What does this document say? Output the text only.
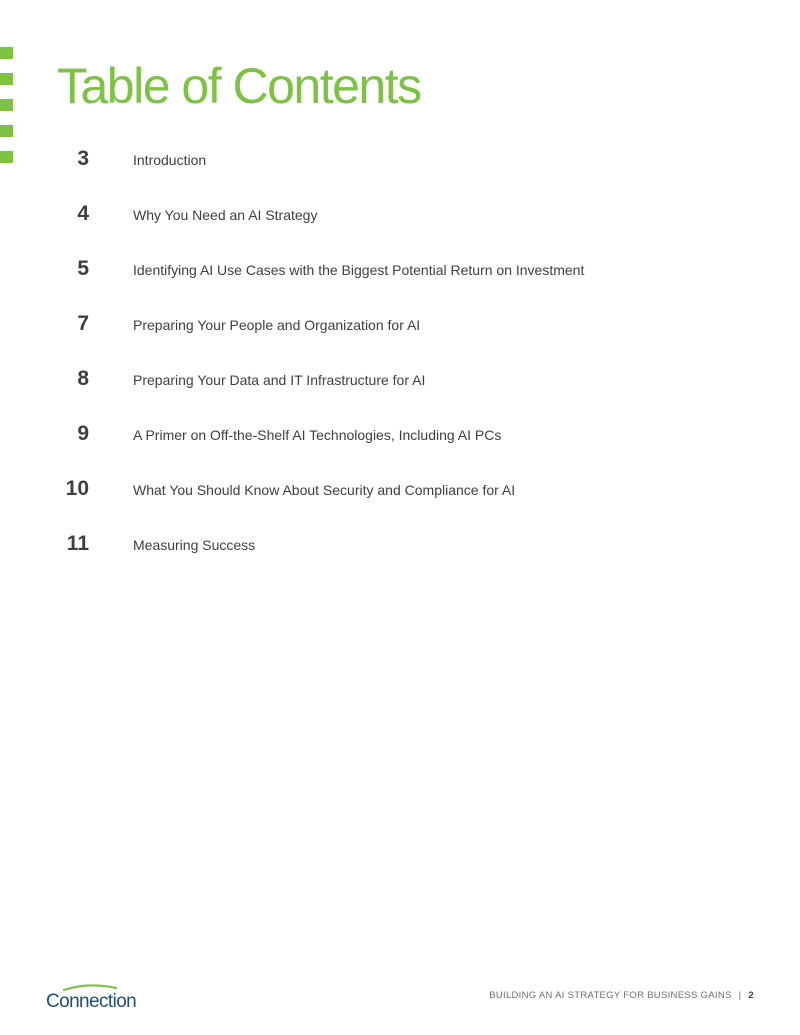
Table of Contents
3	Introduction
4	Why You Need an AI Strategy
5	Identifying AI Use Cases with the Biggest Potential Return on Investment
7	Preparing Your People and Organization for AI
8	Preparing Your Data and IT Infrastructure for AI
9	A Primer on Off-the-Shelf AI Technologies, Including AI PCs
10	What You Should Know About Security and Compliance for AI
11	Measuring Success
Connection	BUILDING AN AI STRATEGY FOR BUSINESS GAINS | 2
